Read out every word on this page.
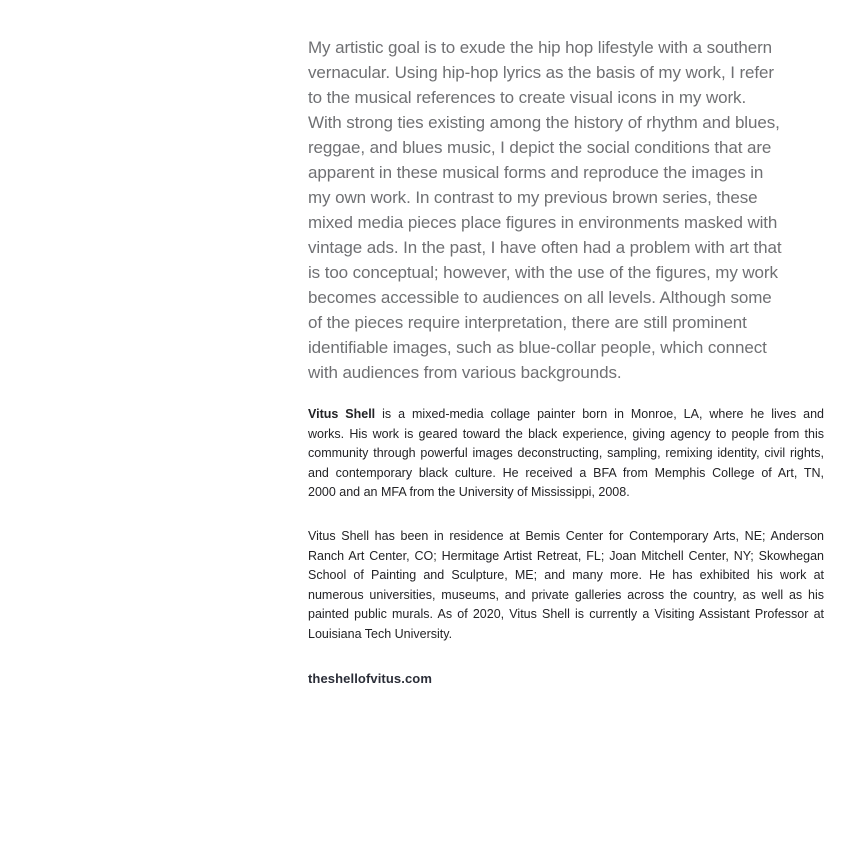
My artistic goal is to exude the hip hop lifestyle with a southern
vernacular. Using hip-hop lyrics as the basis of my work, I refer
to the musical references to create visual icons in my work.
With strong ties existing among the history of rhythm and blues,
reggae, and blues music, I depict the social conditions that are
apparent in these musical forms and reproduce the images in
my own work. In contrast to my previous brown series, these
mixed media pieces place figures in environments masked with
vintage ads. In the past, I have often had a problem with art that
is too conceptual; however, with the use of the figures, my work
becomes accessible to audiences on all levels. Although some
of the pieces require interpretation, there are still prominent
identifiable images, such as blue-collar people, which connect
with audiences from various backgrounds.
Vitus Shell is a mixed-media collage painter born in Monroe, LA, where he lives and
works. His work is geared toward the black experience, giving agency to people from this
community through powerful images deconstructing, sampling, remixing identity, civil rights,
and contemporary black culture. He received a BFA from Memphis College of Art, TN,
2000 and an MFA from the University of Mississippi, 2008.
Vitus Shell has been in residence at Bemis Center for Contemporary Arts, NE; Anderson
Ranch Art Center, CO; Hermitage Artist Retreat, FL; Joan Mitchell Center, NY; Skowhegan
School of Painting and Sculpture, ME; and many more. He has exhibited his work at
numerous universities, museums, and private galleries across the country, as well as his
painted public murals. As of 2020, Vitus Shell is currently a Visiting Assistant Professor at
Louisiana Tech University.
theshellofvitus.com
